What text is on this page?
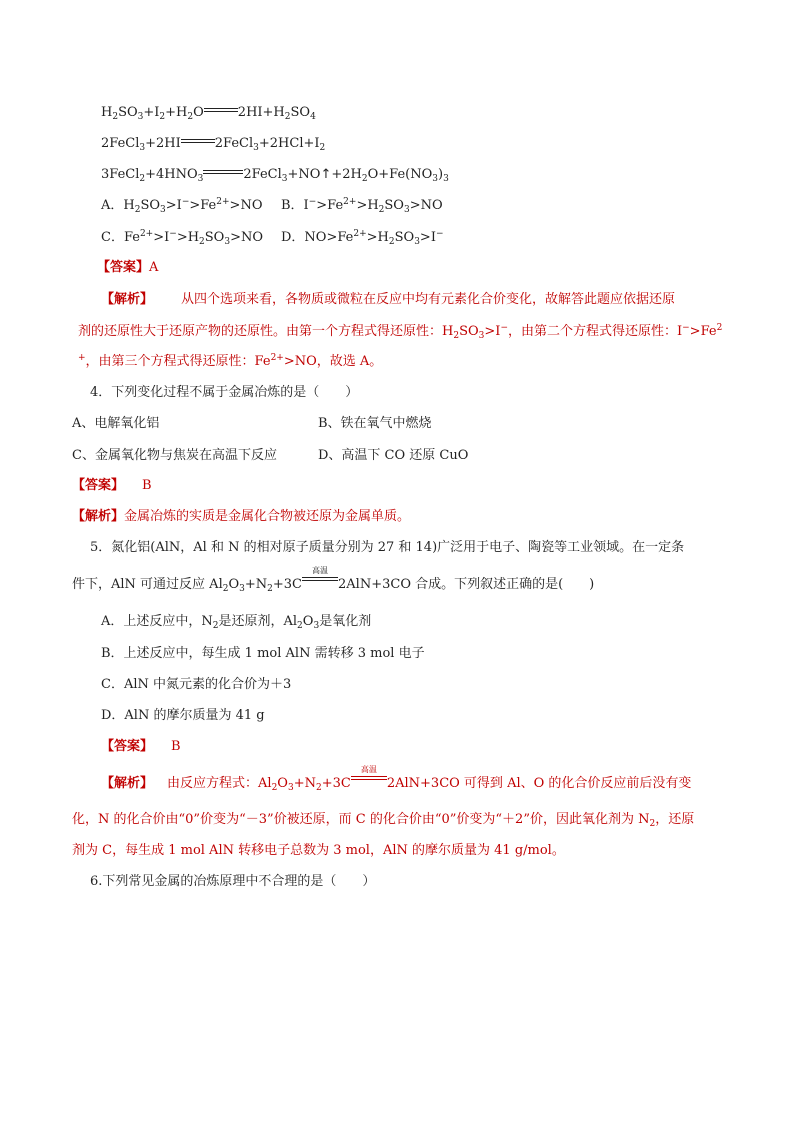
$H_2SO_3+I_2+H_2O$	$2HI+H_2SO_4$
2FeCl$_3$+2HI	$2FeCl_3+2HCl+I_2$
$3FeCl_2+4HNO_3$	$2FeCl_3+NO↑+2H_2O+Fe(NO_3)_3$
A．$H_2SO_3>I^->Fe^{2+}>NO$ B．$I^->Fe^{2+}>H_2SO_3>NO$
C．$Fe^{2+}>I^->H_2SO_3>NO$ D．$NO>Fe^{2+}>H_2SO_3>I^-$
【答案】A
【解析】 从四个选项来看，各物质或微粒在反应中均有元素化合价变化，故解答此题应依据还原
剂的还原性大于还原产物的还原性。由第一个方程式得还原性：$H_2SO_3>I^-$，由第二个方程式得还原性：$I^->Fe^2$
+，由第三个方程式得还原性：$Fe^{2+}>NO$，故选 A。
4．下列变化过程不属于金属冶炼的是（　　）
A、电解氧化铝	B、铁在氧气中燃烧
C、金属氧化物与焦炭在高温下反应	D、高温下 CO 还原 CuO
【答案】 B
【解析】金属冶炼的实质是金属化合物被还原为金属单质。
5．氮化铝(AlN，Al 和 N 的相对原子质量分别为 27 和 14)广泛用于电子、陶瓷等工业领域。在一定条
件下，AlN 可通过反应 $Al_2O_3+N_2+3C$
高温
2AlN+3CO 合成。下列叙述正确的是(　　)
A．上述反应中，$N_2$是还原剂，$Al_2O_3$是氧化剂
B．上述反应中，每生成 1 mol AlN 需转移 3 mol 电子
C．AlN 中氮元素的化合价为＋3
D．AlN 的摩尔质量为 41 g
【答案】 B
【解析】 由反应方程式：$Al_2O_3+N_2+3C$
高温
2AlN+3CO 可得到 Al、O 的化合价反应前后没有变
化，N 的化合价由“0”价变为“－3”价被还原，而 C 的化合价由“0”价变为“＋2”价，因此氧化剂为 $N_2$，还原
剂为 C，每生成 1 mol AlN 转移电子总数为 3 mol，AlN 的摩尔质量为 41 g/mol。
6.下列常见金属的冶炼原理中不合理的是（　　）
